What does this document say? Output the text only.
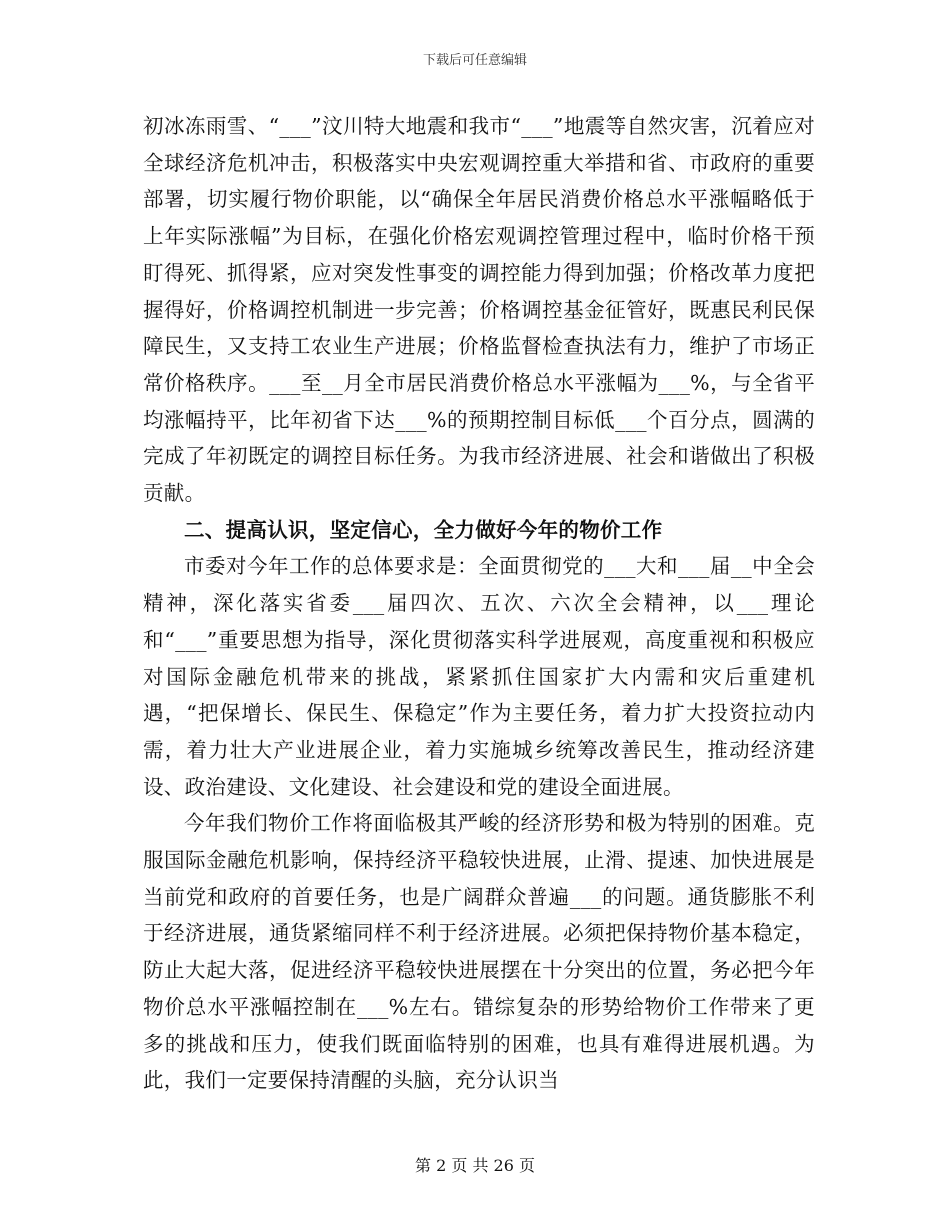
下载后可任意编辑

初冰冻雨雪、“___”汶川特大地震和我市“___”地震等自然灾害，沉着应对全球经济危机冲击，积极落实中央宏观调控重大举措和省、市政府的重要部署，切实履行物价职能，以“确保全年居民消费价格总水平涨幅略低于上年实际涨幅”为目标，在强化价格宏观调控管理过程中，临时价格干预盯得死、抓得紧，应对突发性事变的调控能力得到加强；价格改革力度把握得好，价格调控机制进一步完善；价格调控基金征管好，既惠民利民保障民生，又支持工农业生产进展；价格监督检查执法有力，维护了市场正常价格秩序。___至__月全市居民消费价格总水平涨幅为___%，与全省平均涨幅持平，比年初省下达___%的预期控制目标低___个百分点，圆满的完成了年初既定的调控目标任务。为我市经济进展、社会和谐做出了积极贡献。

二、提高认识，坚定信心，全力做好今年的物价工作

市委对今年工作的总体要求是：全面贯彻党的___大和___届__中全会精神，深化落实省委___届四次、五次、六次全会精神，以___理论和“___”重要思想为指导，深化贯彻落实科学进展观，高度重视和积极应对国际金融危机带来的挑战，紧紧抓住国家扩大内需和灾后重建机遇，“把保增长、保民生、保稳定”作为主要任务，着力扩大投资拉动内需，着力壮大产业进展企业，着力实施城乡统筹改善民生，推动经济建设、政治建设、文化建设、社会建设和党的建设全面进展。

今年我们物价工作将面临极其严峻的经济形势和极为特别的困难。克服国际金融危机影响，保持经济平稳较快进展，止滑、提速、加快进展是当前党和政府的首要任务，也是广阔群众普遍___的问题。通货膨胀不利于经济进展，通货紧缩同样不利于经济进展。必须把保持物价基本稳定，防止大起大落，促进经济平稳较快进展摆在十分突出的位置，务必把今年物价总水平涨幅控制在___%左右。错综复杂的形势给物价工作带来了更多的挑战和压力，使我们既面临特别的困难，也具有难得进展机遇。为此，我们一定要保持清醒的头脑，充分认识当

第 2 页 共 26 页
